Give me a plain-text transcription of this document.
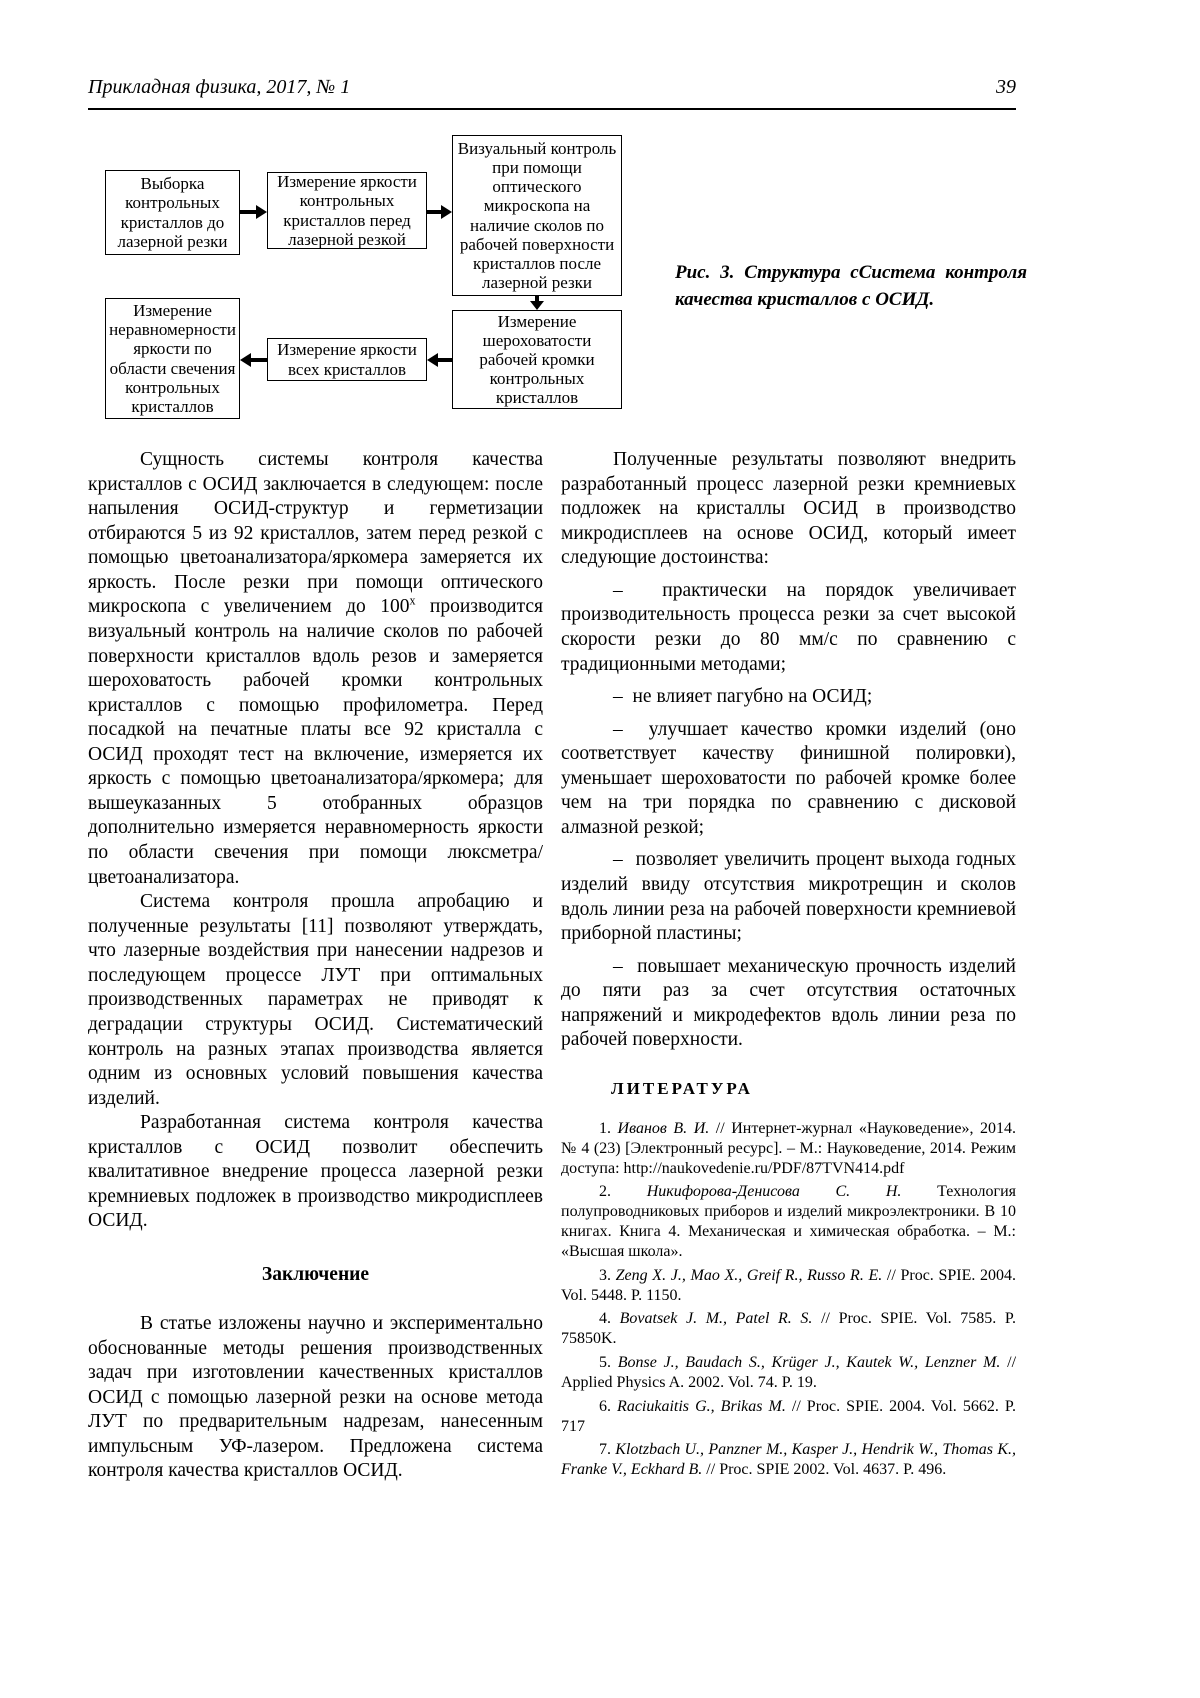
Прикладная физика, 2017, № 1	39
Выборка контрольных кристаллов до лазерной резки
Измерение яркости контрольных кристаллов перед лазерной резкой
Визуальный контроль при помощи оптического микроскопа на наличие сколов по рабочей поверхности кристаллов после лазерной резки
Измерение шероховатости рабочей кромки контрольных кристаллов
Измерение яркости всех кристаллов
Измерение неравномерности яркости по области свечения контрольных кристаллов
Рис. 3. Структура сСистема контроля качества кристаллов с ОСИД.

Сущность системы контроля качества кристаллов с ОСИД заключается в следующем: после напыления ОСИД-структур и герметизации отбираются 5 из 92 кристаллов, затем перед резкой с помощью цветоанализатора/яркомера замеряется их яркость. После резки при помощи оптического микроскопа с увеличением до $100^х$ производится визуальный контроль на наличие сколов по рабочей поверхности кристаллов вдоль резов и замеряется шероховатость рабочей кромки контрольных кристаллов с помощью профилометра. Перед посадкой на печатные платы все 92 кристалла с ОСИД проходят тест на включение, измеряется их яркость с помощью цветоанализатора/яркомера; для вышеуказанных 5 отобранных образцов дополнительно измеряется неравномерность яркости по области свечения при помощи люксметра/цветоанализатора.

Система контроля прошла апробацию и полученные результаты [11] позволяют утверждать, что лазерные воздействия при нанесении надрезов и последующем процессе ЛУТ при оптимальных производственных параметрах не приводят к деградации структуры ОСИД. Систематический контроль на разных этапах производства является одним из основных условий повышения качества изделий.

Разработанная система контроля качества кристаллов с ОСИД позволит обеспечить квалитативное внедрение процесса лазерной резки кремниевых подложек в производство микродисплеев ОСИД.

Заключение

В статье изложены научно и экспериментально обоснованные методы решения производственных задач при изготовлении качественных кристаллов ОСИД с помощью лазерной резки на основе метода ЛУТ по предварительным надрезам, нанесенным импульсным УФ-лазером. Предложена система контроля качества кристаллов ОСИД.

Полученные результаты позволяют внедрить разработанный процесс лазерной резки кремниевых подложек на кристаллы ОСИД в производство микродисплеев на основе ОСИД, который имеет следующие достоинства:

–  практически на порядок увеличивает производительность процесса резки за счет высокой скорости резки до 80 мм/с по сравнению с традиционными методами;

–  не влияет пагубно на ОСИД;

–  улучшает качество кромки изделий (оно соответствует качеству финишной полировки), уменьшает шероховатости по рабочей кромке более чем на три порядка по сравнению с дисковой алмазной резкой;

–  позволяет увеличить процент выхода годных изделий ввиду отсутствия микротрещин и сколов вдоль линии реза на рабочей поверхности кремниевой приборной пластины;

–  повышает механическую прочность изделий до пяти раз за счет отсутствия остаточных напряжений и микродефектов вдоль линии реза по рабочей поверхности.

ЛИТЕРАТУРА

1. Иванов В. И. // Интернет-журнал «Науковедение», 2014. № 4 (23) [Электронный ресурс]. – М.: Науковедение, 2014. Режим доступа: http://naukovedenie.ru/PDF/87TVN414.pdf

2. Никифорова-Денисова С. Н. Технология полупроводниковых приборов и изделий микроэлектроники. В 10 книгах. Книга 4. Механическая и химическая обработка. – М.: «Высшая школа».

3. Zeng X. J., Mao X., Greif R., Russo R. E. // Proc. SPIE. 2004. Vol. 5448. P. 1150.

4. Bovatsek J. M., Patel R. S. // Proc. SPIE. Vol. 7585. P. 75850K.

5. Bonse J., Baudach S., Krüger J., Kautek W., Lenzner M. // Applied Physics A. 2002. Vol. 74. P. 19.

6. Raciukaitis G., Brikas M. // Proc. SPIE. 2004. Vol. 5662. P. 717

7. Klotzbach U., Panzner M., Kasper J., Hendrik W., Thomas K., Franke V., Eckhard B. // Proc. SPIE 2002. Vol. 4637. P. 496.
